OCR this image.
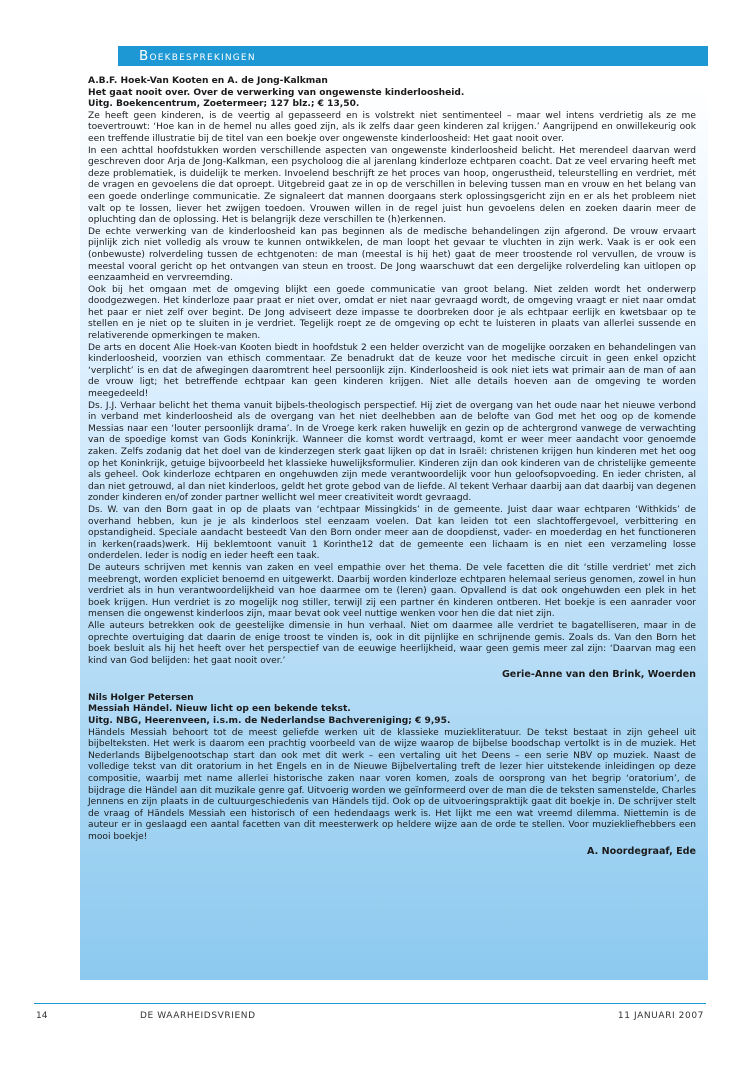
Boekbesprekingen
A.B.F. Hoek-Van Kooten en A. de Jong-Kalkman
Het gaat nooit over. Over de verwerking van ongewenste kinderloosheid.
Uitg. Boekencentrum, Zoetermeer; 127 blz.; € 13,50.

Ze heeft geen kinderen, is de veertig al gepasseerd en is volstrekt niet sentimenteel – maar wel intens verdrietig als ze me toevertrouwt: ‘Hoe kan in de hemel nu alles goed zijn, als ik zelfs daar geen kinderen zal krijgen.’ Aangrijpend en onwillekeurig ook een treffende illustratie bij de titel van een boekje over ongewenste kinderloosheid: Het gaat nooit over.

In een achttal hoofdstukken worden verschillende aspecten van ongewenste kinderloosheid belicht. Het merendeel daarvan werd geschreven door Arja de Jong-Kalkman, een psycholoog die al jarenlang kinderloze echtparen coacht. Dat ze veel ervaring heeft met deze problematiek, is duidelijk te merken. Invoelend beschrijft ze het proces van hoop, ongerustheid, teleurstelling en verdriet, mét de vragen en gevoelens die dat oproept. Uitgebreid gaat ze in op de verschillen in beleving tussen man en vrouw en het belang van een goede onderlinge communicatie. Ze signaleert dat mannen doorgaans sterk oplossingsgericht zijn en er als het probleem niet valt op te lossen, liever het zwijgen toedoen. Vrouwen willen in de regel juist hun gevoelens delen en zoeken daarin meer de opluchting dan de oplossing. Het is belangrijk deze verschillen te (h)erkennen.

De echte verwerking van de kinderloosheid kan pas beginnen als de medische behandelingen zijn afgerond. De vrouw ervaart pijnlijk zich niet volledig als vrouw te kunnen ontwikkelen, de man loopt het gevaar te vluchten in zijn werk. Vaak is er ook een (onbewuste) rolverdeling tussen de echtgenoten: de man (meestal is hij het) gaat de meer troostende rol vervullen, de vrouw is meestal vooral gericht op het ontvangen van steun en troost. De Jong waarschuwt dat een dergelijke rolverdeling kan uitlopen op eenzaamheid en vervreemding.

Ook bij het omgaan met de omgeving blijkt een goede communicatie van groot belang. Niet zelden wordt het onderwerp doodgezwegen. Het kinderloze paar praat er niet over, omdat er niet naar gevraagd wordt, de omgeving vraagt er niet naar omdat het paar er niet zelf over begint. De Jong adviseert deze impasse te doorbreken door je als echtpaar eerlijk en kwetsbaar op te stellen en je niet op te sluiten in je verdriet. Tegelijk roept ze de omgeving op echt te luisteren in plaats van allerlei sussende en relativerende opmerkingen te maken.

De arts en docent Alie Hoek-van Kooten biedt in hoofdstuk 2 een helder overzicht van de mogelijke oorzaken en behandelingen van kinderloosheid, voorzien van ethisch commentaar. Ze benadrukt dat de keuze voor het medische circuit in geen enkel opzicht ‘verplicht’ is en dat de afwegingen daaromtrent heel persoonlijk zijn. Kinderloosheid is ook niet iets wat primair aan de man of aan de vrouw ligt; het betreffende echtpaar kan geen kinderen krijgen. Niet alle details hoeven aan de omgeving te worden meegedeeld!

Ds. J.J. Verhaar belicht het thema vanuit bijbels-theologisch perspectief. Hij ziet de overgang van het oude naar het nieuwe verbond in verband met kinderloosheid als de overgang van het niet deelhebben aan de belofte van God met het oog op de komende Messias naar een ‘louter persoonlijk drama’. In de Vroege kerk raken huwelijk en gezin op de achtergrond vanwege de verwachting van de spoedige komst van Gods Koninkrijk. Wanneer die komst wordt vertraagd, komt er weer meer aandacht voor genoemde zaken. Zelfs zodanig dat het doel van de kinderzegen sterk gaat lijken op dat in Israël: christenen krijgen hun kinderen met het oog op het Koninkrijk, getuige bijvoorbeeld het klassieke huwelijksformulier. Kinderen zijn dan ook kinderen van de christelijke gemeente als geheel. Ook kinderloze echtparen en ongehuwden zijn mede verantwoordelijk voor hun geloofsopvoeding. En ieder christen, al dan niet getrouwd, al dan niet kinderloos, geldt het grote gebod van de liefde. Al tekent Verhaar daarbij aan dat daarbij van degenen zonder kinderen en/of zonder partner wellicht wel meer creativiteit wordt gevraagd.

Ds. W. van den Born gaat in op de plaats van ‘echtpaar Missingkids’ in de gemeente. Juist daar waar echtparen ‘Withkids’ de overhand hebben, kun je je als kinderloos stel eenzaam voelen. Dat kan leiden tot een slachtoffergevoel, verbittering en opstandigheid. Speciale aandacht besteedt Van den Born onder meer aan de doopdienst, vader- en moederdag en het functioneren in kerken(raads)werk. Hij beklemtoont vanuit 1 Korinthe12 dat de gemeente een lichaam is en niet een verzameling losse onderdelen. Ieder is nodig en ieder heeft een taak.

De auteurs schrijven met kennis van zaken en veel empathie over het thema. De vele facetten die dit ‘stille verdriet’ met zich meebrengt, worden expliciet benoemd en uitgewerkt. Daarbij worden kinderloze echtparen helemaal serieus genomen, zowel in hun verdriet als in hun verantwoordelijkheid van hoe daarmee om te (leren) gaan. Opvallend is dat ook ongehuwden een plek in het boek krijgen. Hun verdriet is zo mogelijk nog stiller, terwijl zij een partner én kinderen ontberen. Het boekje is een aanrader voor mensen die ongewenst kinderloos zijn, maar bevat ook veel nuttige wenken voor hen die dat niet zijn.

Alle auteurs betrekken ook de geestelijke dimensie in hun verhaal. Niet om daarmee alle verdriet te bagatelliseren, maar in de oprechte overtuiging dat daarin de enige troost te vinden is, ook in dit pijnlijke en schrijnende gemis. Zoals ds. Van den Born het boek besluit als hij het heeft over het perspectief van de eeuwige heerlijkheid, waar geen gemis meer zal zijn: ‘Daarvan mag een kind van God belijden: het gaat nooit over.’

Gerie-Anne van den Brink, Woerden
Nils Holger Petersen
Messiah Händel. Nieuw licht op een bekende tekst.
Uitg. NBG, Heerenveen, i.s.m. de Nederlandse Bachvereniging; € 9,95.

Händels Messiah behoort tot de meest geliefde werken uit de klassieke muziekliteratuur. De tekst bestaat in zijn geheel uit bijbelteksten. Het werk is daarom een prachtig voorbeeld van de wijze waarop de bijbelse boodschap vertolkt is in de muziek. Het Nederlands Bijbelgenootschap start dan ook met dit werk – een vertaling uit het Deens – een serie NBV op muziek. Naast de volledige tekst van dit oratorium in het Engels en in de Nieuwe Bijbelvertaling treft de lezer hier uitstekende inleidingen op deze compositie, waarbij met name allerlei historische zaken naar voren komen, zoals de oorsprong van het begrip ‘oratorium’, de bijdrage die Händel aan dit muzikale genre gaf. Uitvoerig worden we geïnformeerd over de man die de teksten samenstelde, Charles Jennens en zijn plaats in de cultuurgeschiedenis van Händels tijd. Ook op de uitvoeringspraktijk gaat dit boekje in. De schrijver stelt de vraag of Händels Messiah een historisch of een hedendaags werk is. Het lijkt me een wat vreemd dilemma. Niettemin is de auteur er in geslaagd een aantal facetten van dit meesterwerk op heldere wijze aan de orde te stellen. Voor muziekliefhebbers een mooi boekje!

A. Noordegraaf, Ede
14	DE WAARHEIDSVRIEND	11 JANUARI 2007
